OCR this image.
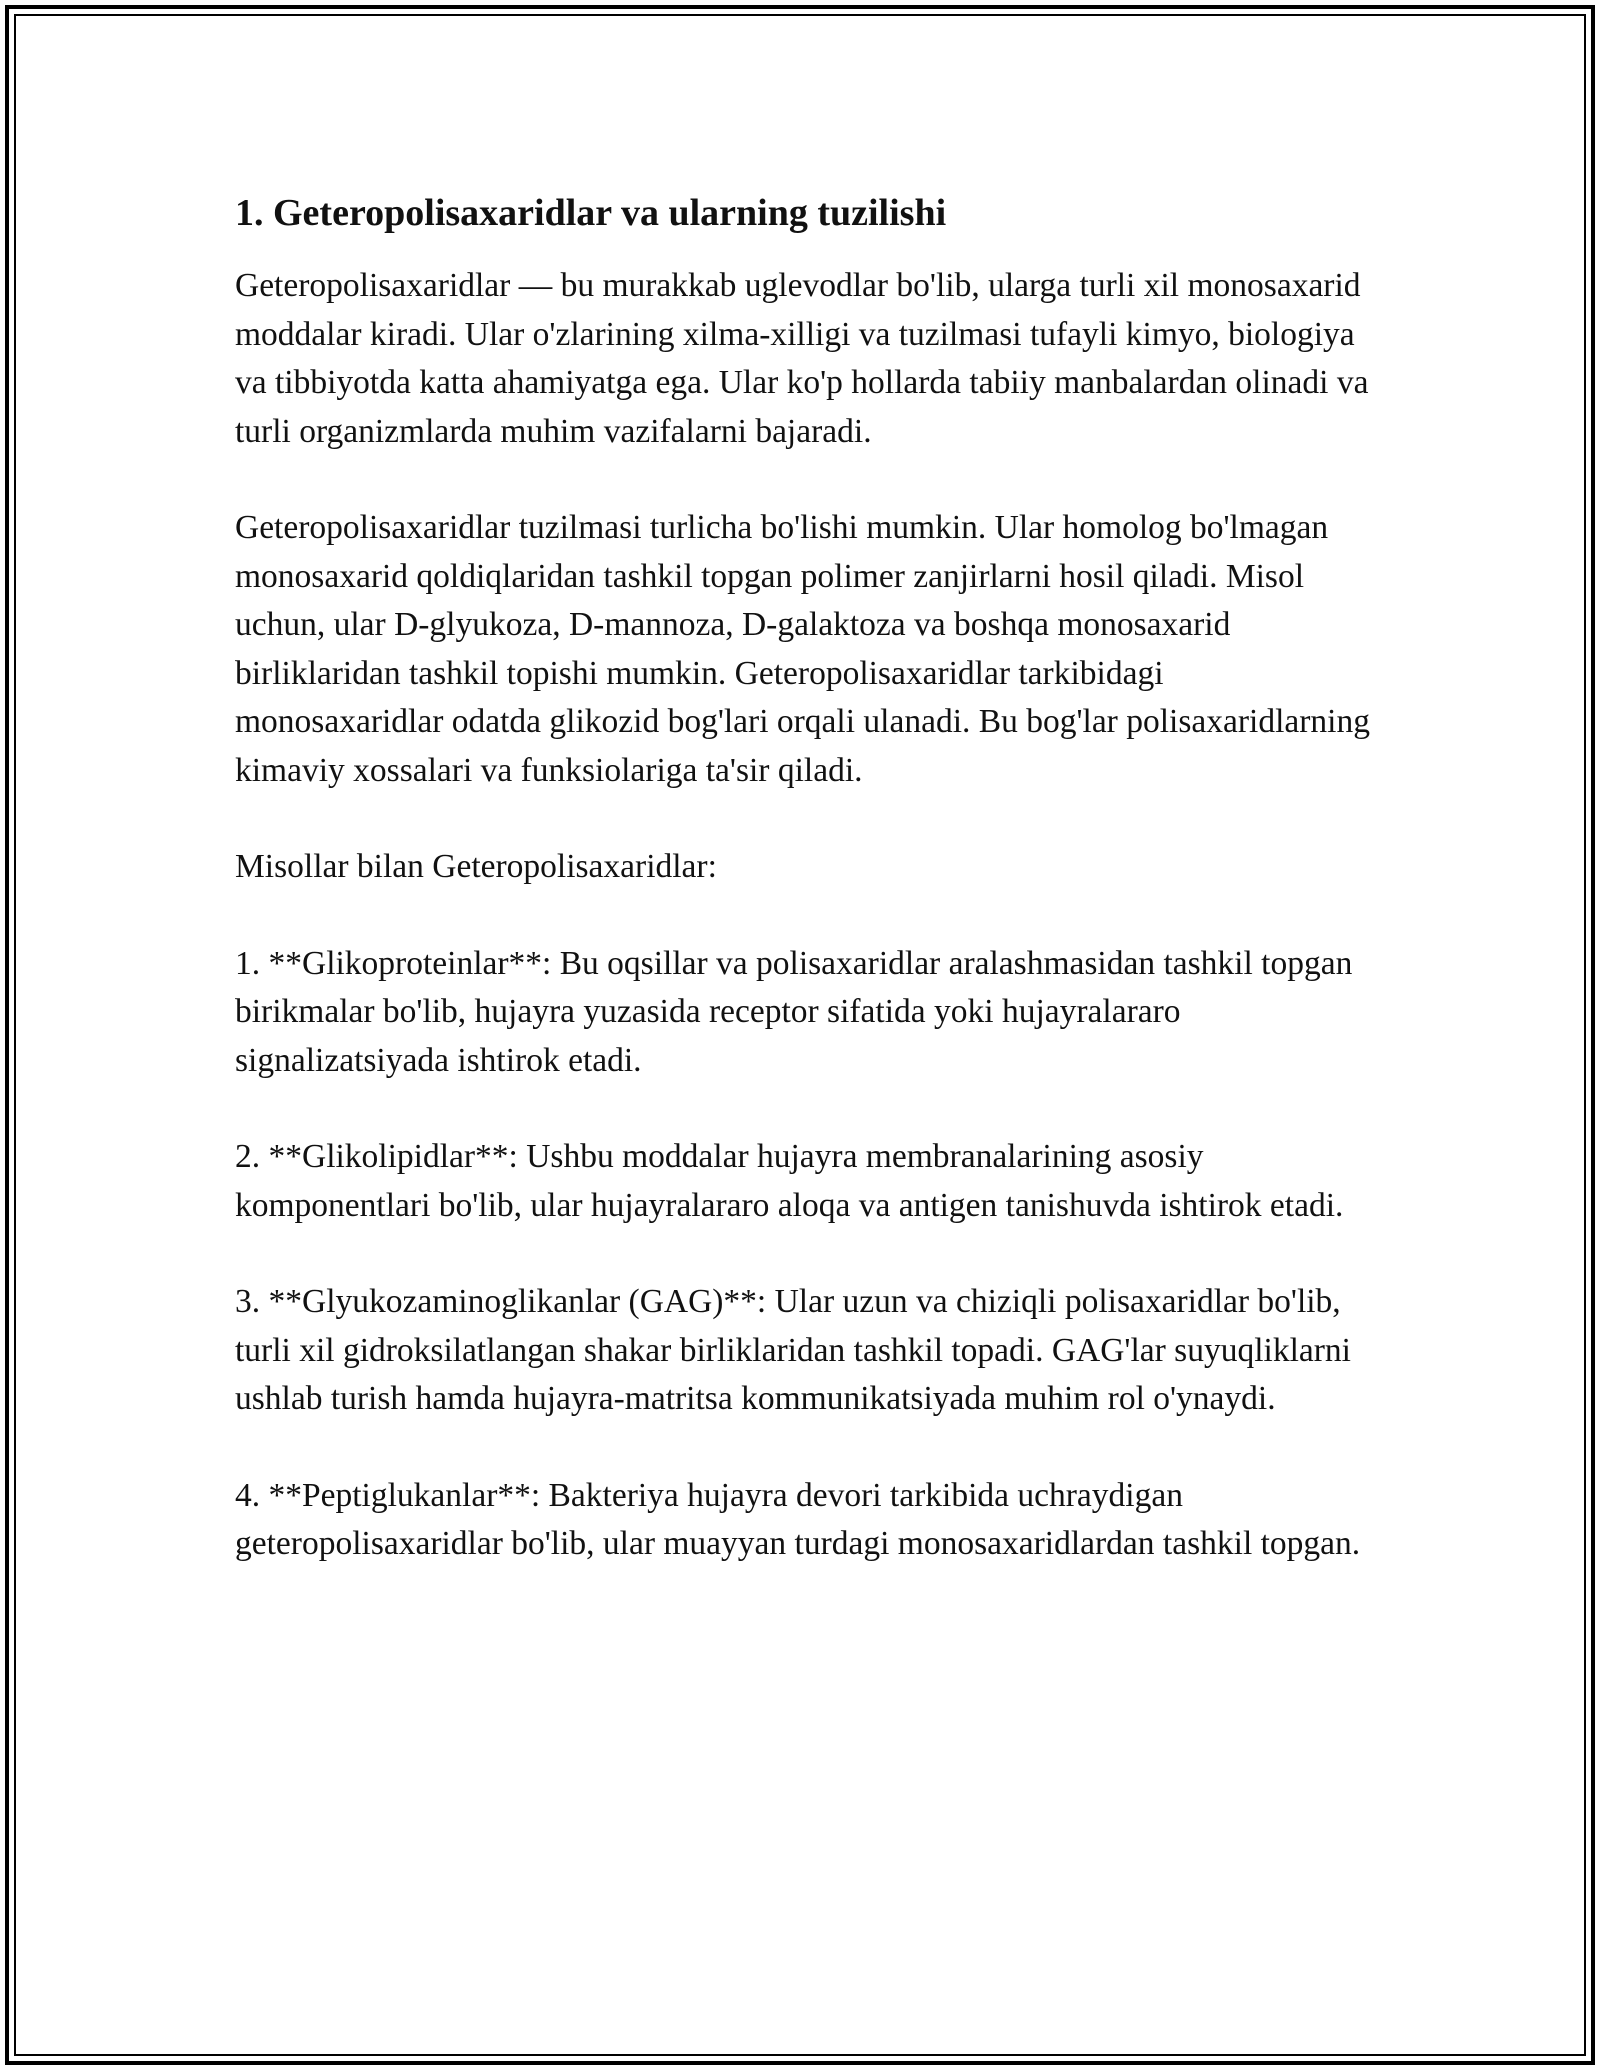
1. Geteropolisaxaridlar va ularning tuzilishi

Geteropolisaxaridlar — bu murakkab uglevodlar bo'lib, ularga turli xil monosaxarid moddalar kiradi. Ular o'zlarining xilma-xilligi va tuzilmasi tufayli kimyo, biologiya va tibbiyotda katta ahamiyatga ega. Ular ko'p hollarda tabiiy manbalardan olinadi va turli organizmlarda muhim vazifalarni bajaradi.

Geteropolisaxaridlar tuzilmasi turlicha bo'lishi mumkin. Ular homolog bo'lmagan monosaxarid qoldiqlaridan tashkil topgan polimer zanjirlarni hosil qiladi. Misol uchun, ular D-glyukoza, D-mannoza, D-galaktoza va boshqa monosaxarid birliklaridan tashkil topishi mumkin. Geteropolisaxaridlar tarkibidagi monosaxaridlar odatda glikozid bog'lari orqali ulanadi. Bu bog'lar polisaxaridlarning kimaviy xossalari va funksiolariga ta'sir qiladi.

Misollar bilan Geteropolisaxaridlar:

1. **Glikoproteinlar**: Bu oqsillar va polisaxaridlar aralashmasidan tashkil topgan birikmalar bo'lib, hujayra yuzasida receptor sifatida yoki hujayralararo signalizatsiyada ishtirok etadi.

2. **Glikolipidlar**: Ushbu moddalar hujayra membranalarining asosiy komponentlari bo'lib, ular hujayralararo aloqa va antigen tanishuvda ishtirok etadi.

3. **Glyukozaminoglikanlar (GAG)**: Ular uzun va chiziqli polisaxaridlar bo'lib, turli xil gidroksilatlangan shakar birliklaridan tashkil topadi. GAG'lar suyuqliklarni ushlab turish hamda hujayra-matritsa kommunikatsiyada muhim rol o'ynaydi.

4. **Peptiglukanlar**: Bakteriya hujayra devori tarkibida uchraydigan geteropolisaxaridlar bo'lib, ular muayyan turdagi monosaxaridlardan tashkil topgan.
